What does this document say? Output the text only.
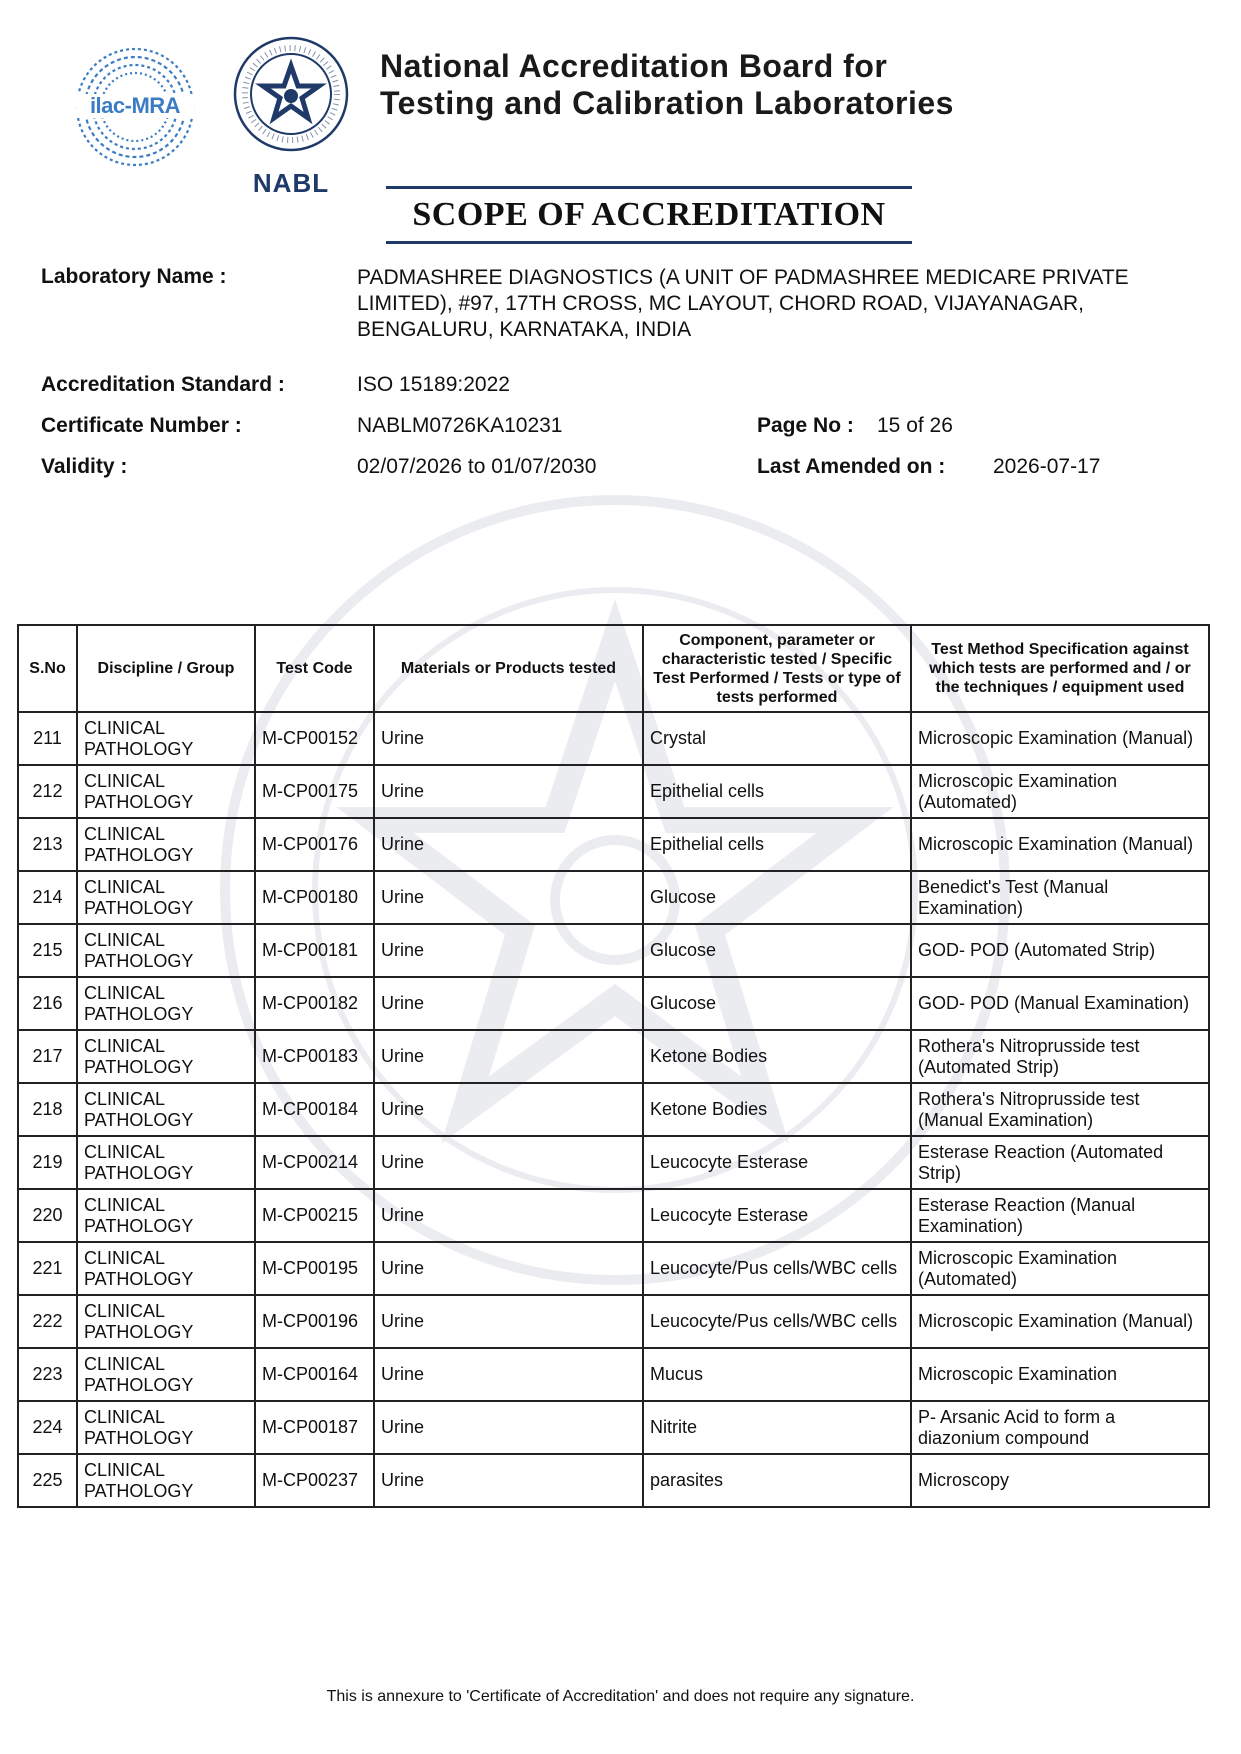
ilac-MRA
NABL
National Accreditation Board for
Testing and Calibration Laboratories
SCOPE OF ACCREDITATION
Laboratory Name :	PADMASHREE DIAGNOSTICS (A UNIT OF PADMASHREE MEDICARE PRIVATE LIMITED), #97, 17TH CROSS, MC LAYOUT, CHORD ROAD, VIJAYANAGAR, BENGALURU, KARNATAKA, INDIA
Accreditation Standard :	ISO 15189:2022
Certificate Number :	NABLM0726KA10231	Page No : 15 of 26
Validity :	02/07/2026 to 01/07/2030	Last Amended on : 2026-07-17
S.No	Discipline / Group	Test Code	Materials or Products tested	Component, parameter or characteristic tested / Specific Test Performed / Tests or type of tests performed	Test Method Specification against which tests are performed and / or the techniques / equipment used
211	CLINICAL PATHOLOGY	M-CP00152	Urine	Crystal	Microscopic Examination (Manual)
212	CLINICAL PATHOLOGY	M-CP00175	Urine	Epithelial cells	Microscopic Examination (Automated)
213	CLINICAL PATHOLOGY	M-CP00176	Urine	Epithelial cells	Microscopic Examination (Manual)
214	CLINICAL PATHOLOGY	M-CP00180	Urine	Glucose	Benedict's Test (Manual Examination)
215	CLINICAL PATHOLOGY	M-CP00181	Urine	Glucose	GOD- POD (Automated Strip)
216	CLINICAL PATHOLOGY	M-CP00182	Urine	Glucose	GOD- POD (Manual Examination)
217	CLINICAL PATHOLOGY	M-CP00183	Urine	Ketone Bodies	Rothera's Nitroprusside test (Automated Strip)
218	CLINICAL PATHOLOGY	M-CP00184	Urine	Ketone Bodies	Rothera's Nitroprusside test (Manual Examination)
219	CLINICAL PATHOLOGY	M-CP00214	Urine	Leucocyte Esterase	Esterase Reaction (Automated Strip)
220	CLINICAL PATHOLOGY	M-CP00215	Urine	Leucocyte Esterase	Esterase Reaction (Manual Examination)
221	CLINICAL PATHOLOGY	M-CP00195	Urine	Leucocyte/Pus cells/WBC cells	Microscopic Examination (Automated)
222	CLINICAL PATHOLOGY	M-CP00196	Urine	Leucocyte/Pus cells/WBC cells	Microscopic Examination (Manual)
223	CLINICAL PATHOLOGY	M-CP00164	Urine	Mucus	Microscopic Examination
224	CLINICAL PATHOLOGY	M-CP00187	Urine	Nitrite	P- Arsanic Acid to form a diazonium compound
225	CLINICAL PATHOLOGY	M-CP00237	Urine	parasites	Microscopy
This is annexure to 'Certificate of Accreditation' and does not require any signature.
